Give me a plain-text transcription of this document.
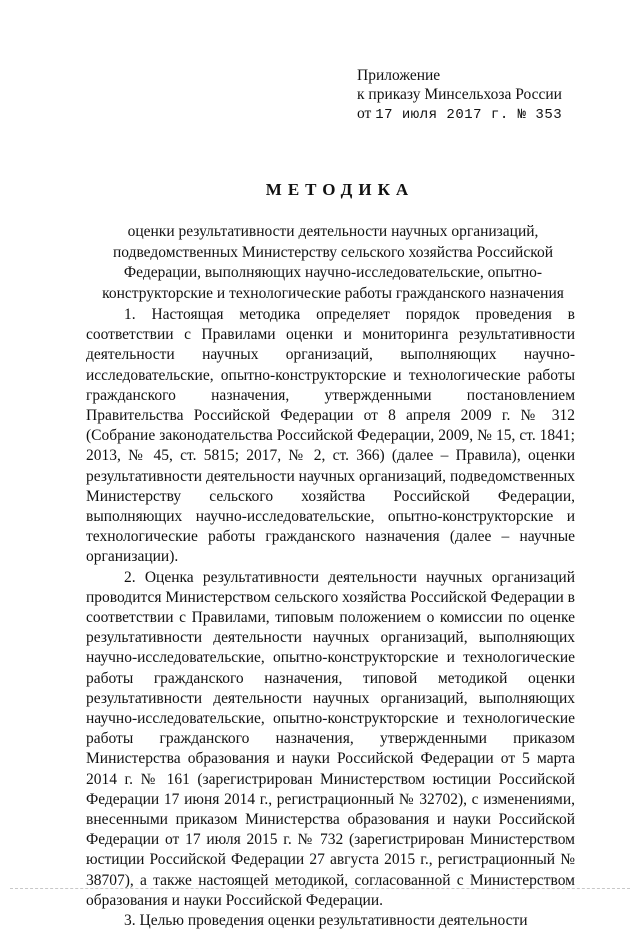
Приложение
к приказу Минсельхоза России
от 17 июля 2017 г. № 353
МЕТОДИКА
оценки результативности деятельности научных организаций, подведомственных Министерству сельского хозяйства Российской Федерации, выполняющих научно-исследовательские, опытно-конструкторские и технологические работы гражданского назначения

1. Настоящая методика определяет порядок проведения в соответствии с Правилами оценки и мониторинга результативности деятельности научных организаций, выполняющих научно-исследовательские, опытно-конструкторские и технологические работы гражданского назначения, утвержденными постановлением Правительства Российской Федерации от 8 апреля 2009 г. № 312 (Собрание законодательства Российской Федерации, 2009, № 15, ст. 1841; 2013, № 45, ст. 5815; 2017, № 2, ст. 366) (далее – Правила), оценки результативности деятельности научных организаций, подведомственных Министерству сельского хозяйства Российской Федерации, выполняющих научно-исследовательские, опытно-конструкторские и технологические работы гражданского назначения (далее – научные организации).

2. Оценка результативности деятельности научных организаций проводится Министерством сельского хозяйства Российской Федерации в соответствии с Правилами, типовым положением о комиссии по оценке результативности деятельности научных организаций, выполняющих научно-исследовательские, опытно-конструкторские и технологические работы гражданского назначения, типовой методикой оценки результативности деятельности научных организаций, выполняющих научно-исследовательские, опытно-конструкторские и технологические работы гражданского назначения, утвержденными приказом Министерства образования и науки Российской Федерации от 5 марта 2014 г. № 161 (зарегистрирован Министерством юстиции Российской Федерации 17 июня 2014 г., регистрационный № 32702), с изменениями, внесенными приказом Министерства образования и науки Российской Федерации от 17 июля 2015 г. № 732 (зарегистрирован Министерством юстиции Российской Федерации 27 августа 2015 г., регистрационный № 38707), а также настоящей методикой, согласованной с Министерством образования и науки Российской Федерации.

3. Целью проведения оценки результативности деятельности
